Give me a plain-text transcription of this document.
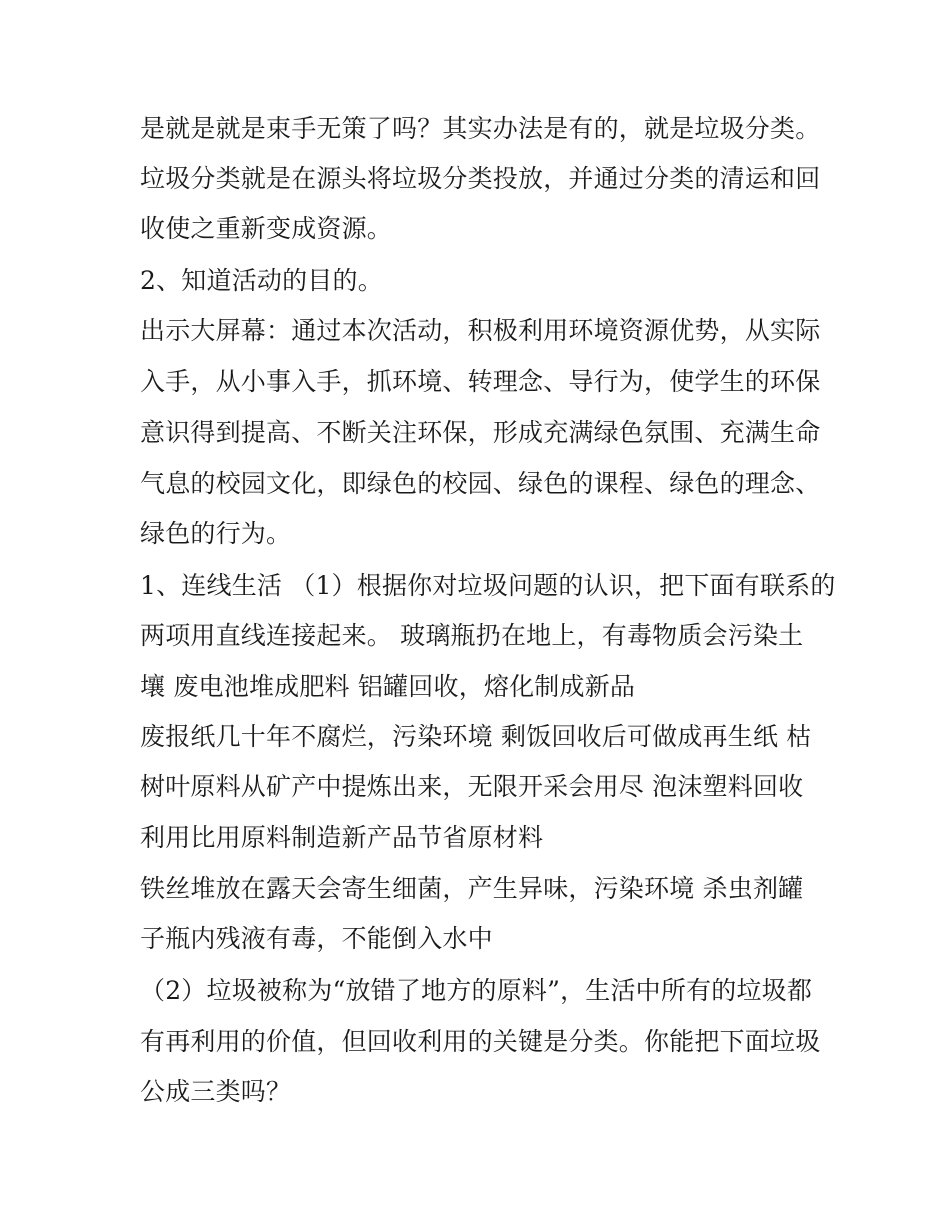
是就是就是束手无策了吗？其实办法是有的，就是垃圾分类。
垃圾分类就是在源头将垃圾分类投放，并通过分类的清运和回
收使之重新变成资源。
2、知道活动的目的。
出示大屏幕：通过本次活动，积极利用环境资源优势，从实际
入手，从小事入手，抓环境、转理念、导行为，使学生的环保
意识得到提高、不断关注环保，形成充满绿色氛围、充满生命
气息的校园文化，即绿色的校园、绿色的课程、绿色的理念、
绿色的行为。
1、连线生活 （1）根据你对垃圾问题的认识，把下面有联系的
两项用直线连接起来。 玻璃瓶扔在地上，有毒物质会污染土
壤 废电池堆成肥料 铝罐回收，熔化制成新品
废报纸几十年不腐烂，污染环境 剩饭回收后可做成再生纸 枯
树叶原料从矿产中提炼出来，无限开采会用尽 泡沫塑料回收
利用比用原料制造新产品节省原材料
铁丝堆放在露天会寄生细菌，产生异味，污染环境 杀虫剂罐
子瓶内残液有毒，不能倒入水中
（2）垃圾被称为“放错了地方的原料”，生活中所有的垃圾都
有再利用的价值，但回收利用的关键是分类。你能把下面垃圾
公成三类吗？
